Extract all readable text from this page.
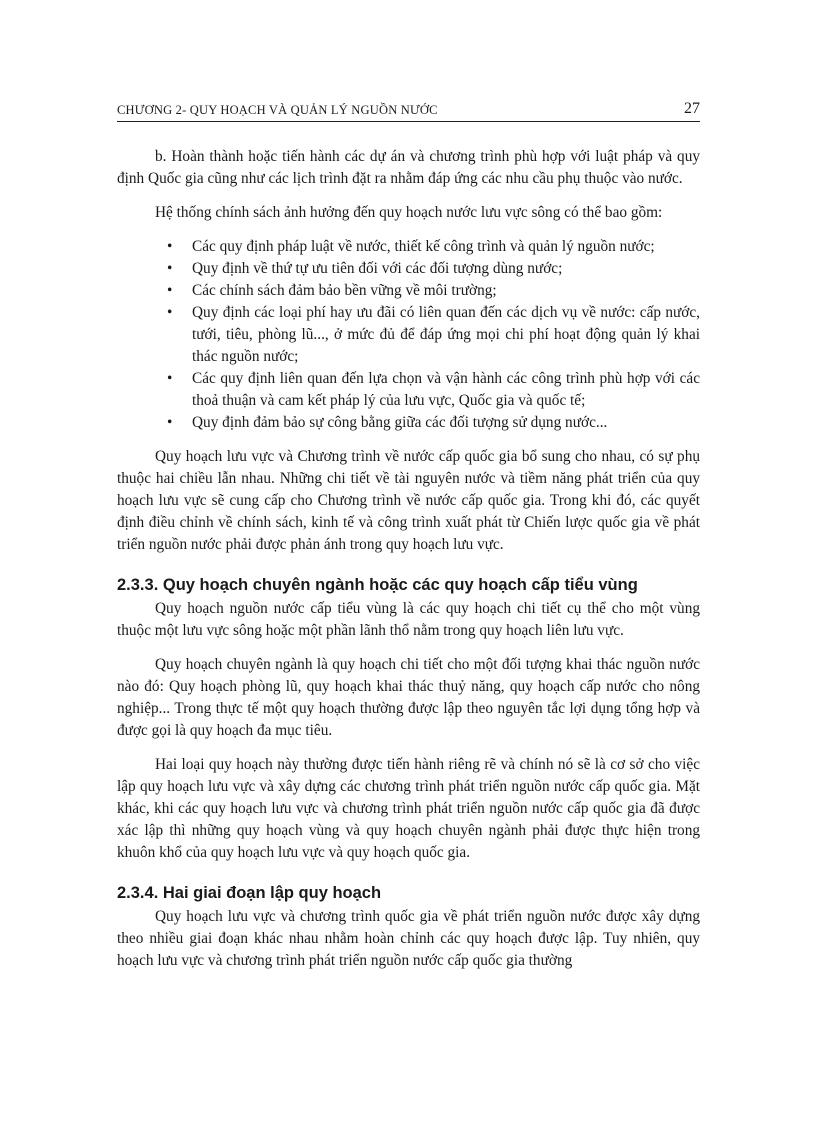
CHƯƠNG 2- QUY HOẠCH VÀ QUẢN LÝ NGUỒN NƯỚC	27

b. Hoàn thành hoặc tiến hành các dự án và chương trình phù hợp với luật pháp và quy định Quốc gia cũng như các lịch trình đặt ra nhằm đáp ứng các nhu cầu phụ thuộc vào nước.

Hệ thống chính sách ảnh hưởng đến quy hoạch nước lưu vực sông có thể bao gồm:

• Các quy định pháp luật về nước, thiết kế công trình và quản lý nguồn nước;
• Quy định về thứ tự ưu tiên đối với các đối tượng dùng nước;
• Các chính sách đảm bảo bền vững về môi trường;
• Quy định các loại phí hay ưu đãi có liên quan đến các dịch vụ về nước: cấp nước, tưới, tiêu, phòng lũ..., ở mức đủ để đáp ứng mọi chi phí hoạt động quản lý khai thác nguồn nước;
• Các quy định liên quan đến lựa chọn và vận hành các công trình phù hợp với các thoả thuận và cam kết pháp lý của lưu vực, Quốc gia và quốc tế;
• Quy định đảm bảo sự công bằng giữa các đối tượng sử dụng nước...

Quy hoạch lưu vực và Chương trình về nước cấp quốc gia bổ sung cho nhau, có sự phụ thuộc hai chiều lẫn nhau. Những chi tiết về tài nguyên nước và tiềm năng phát triển của quy hoạch lưu vực sẽ cung cấp cho Chương trình về nước cấp quốc gia. Trong khi đó, các quyết định điều chỉnh về chính sách, kinh tế và công trình xuất phát từ Chiến lược quốc gia về phát triển nguồn nước phải được phản ánh trong quy hoạch lưu vực.

2.3.3. Quy hoạch chuyên ngành hoặc các quy hoạch cấp tiểu vùng

Quy hoạch nguồn nước cấp tiểu vùng là các quy hoạch chi tiết cụ thể cho một vùng thuộc một lưu vực sông hoặc một phần lãnh thổ nằm trong quy hoạch liên lưu vực.

Quy hoạch chuyên ngành là quy hoạch chi tiết cho một đối tượng khai thác nguồn nước nào đó: Quy hoạch phòng lũ, quy hoạch khai thác thuỷ năng, quy hoạch cấp nước cho nông nghiệp... Trong thực tế một quy hoạch thường được lập theo nguyên tắc lợi dụng tổng hợp và được gọi là quy hoạch đa mục tiêu.

Hai loại quy hoạch này thường được tiến hành riêng rẽ và chính nó sẽ là cơ sở cho việc lập quy hoạch lưu vực và xây dựng các chương trình phát triển nguồn nước cấp quốc gia. Mặt khác, khi các quy hoạch lưu vực và chương trình phát triển nguồn nước cấp quốc gia đã được xác lập thì những quy hoạch vùng và quy hoạch chuyên ngành phải được thực hiện trong khuôn khổ của quy hoạch lưu vực và quy hoạch quốc gia.

2.3.4. Hai giai đoạn lập quy hoạch

Quy hoạch lưu vực và chương trình quốc gia về phát triển nguồn nước được xây dựng theo nhiều giai đoạn khác nhau nhằm hoàn chỉnh các quy hoạch được lập. Tuy nhiên, quy hoạch lưu vực và chương trình phát triển nguồn nước cấp quốc gia thường
